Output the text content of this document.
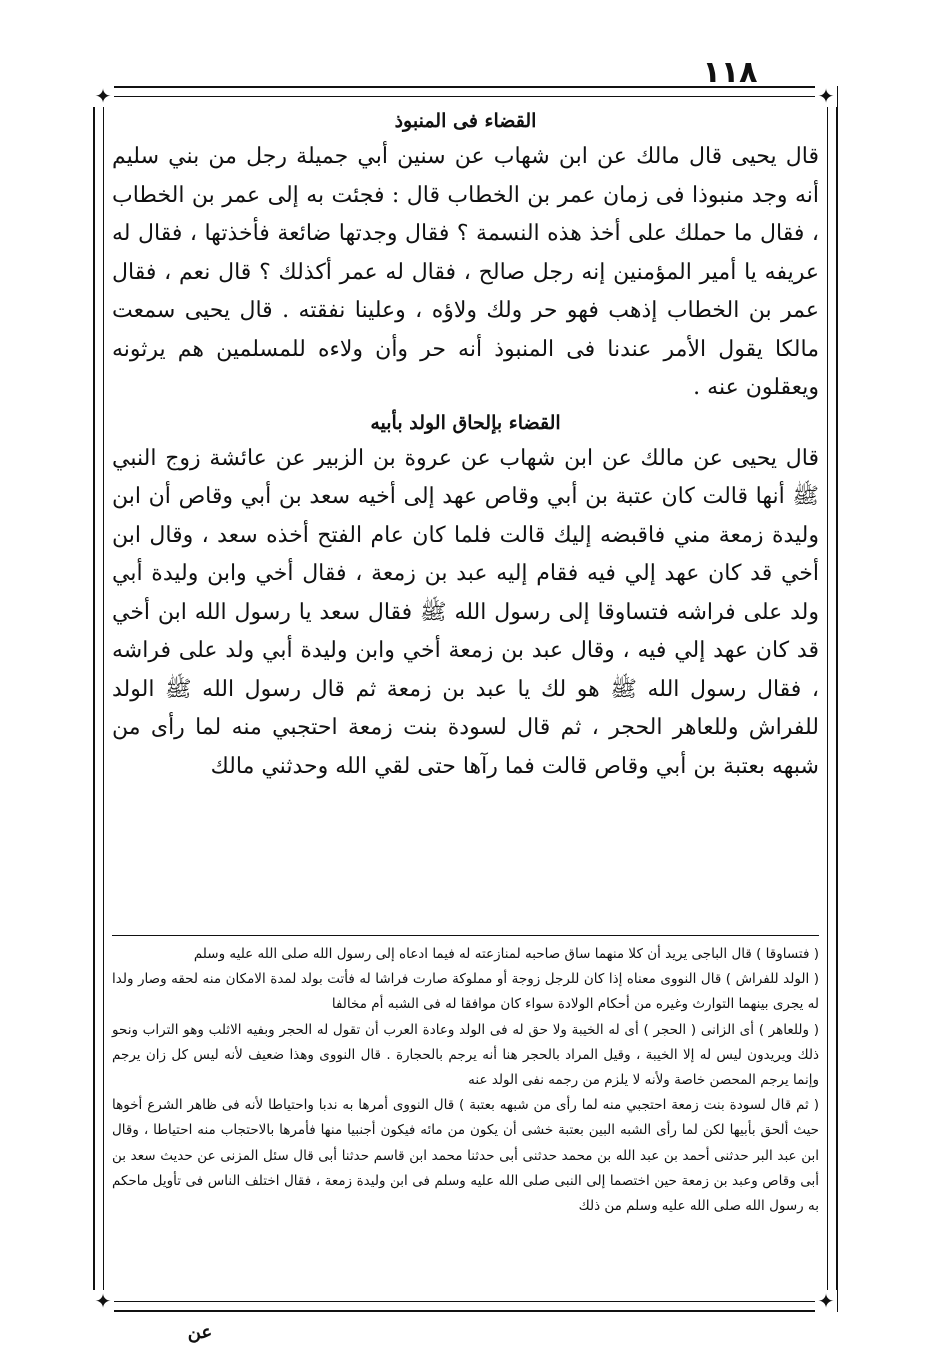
١١٨
✦	✦
✦	✦
القضاء فى المنبوذ

قال يحيى قال مالك عن ابن شهاب عن سنين أبي جميلة رجل من بني سليم أنه وجد منبوذا فى زمان عمر بن الخطاب قال : فجئت به إلى عمر بن الخطاب ، فقال ما حملك على أخذ هذه النسمة ؟ فقال وجدتها ضائعة فأخذتها ، فقال له عريفه يا أمير المؤمنين إنه رجل صالح ، فقال له عمر أكذلك ؟ قال نعم ، فقال عمر بن الخطاب إذهب فهو حر ولك ولاؤه ، وعلينا نفقته . قال يحيى سمعت مالكا يقول الأمر عندنا فى المنبوذ أنه حر وأن ولاءه للمسلمين هم يرثونه ويعقلون عنه .

القضاء بإلحاق الولد بأبيه

قال يحيى عن مالك عن ابن شهاب عن عروة بن الزبير عن عائشة زوج النبي ﷺ أنها قالت كان عتبة بن أبي وقاص عهد إلى أخيه سعد بن أبي وقاص أن ابن وليدة زمعة مني فاقبضه إليك قالت فلما كان عام الفتح أخذه سعد ، وقال ابن أخي قد كان عهد إلي فيه فقام إليه عبد بن زمعة ، فقال أخي وابن وليدة أبي ولد على فراشه فتساوقا إلى رسول الله ﷺ فقال سعد يا رسول الله ابن أخي قد كان عهد إلي فيه ، وقال عبد بن زمعة أخي وابن وليدة أبي ولد على فراشه ، فقال رسول الله ﷺ هو لك يا عبد بن زمعة ثم قال رسول الله ﷺ الولد للفراش وللعاهر الحجر ، ثم قال لسودة بنت زمعة احتجبي منه لما رأى من شبهه بعتبة بن أبي وقاص قالت فما رآها حتى لقي الله وحدثني مالك

( فتساوقا ) قال الباجى يريد أن كلا منهما ساق صاحبه لمنازعته له فيما ادعاه إلى رسول الله صلى الله عليه وسلم

( الولد للفراش ) قال النووى معناه إذا كان للرجل زوجة أو مملوكة صارت فراشا له فأتت بولد لمدة الامكان منه لحقه وصار ولدا له يجرى بينهما التوارث وغيره من أحكام الولادة سواء كان موافقا له فى الشبه أم مخالفا

( وللعاهر ) أى الزانى ( الحجر ) أى له الخيبة ولا حق له فى الولد وعادة العرب أن تقول له الحجر وبفيه الاثلب وهو التراب ونحو ذلك ويريدون ليس له إلا الخيبة ، وقيل المراد بالحجر هنا أنه يرجم بالحجارة . قال النووى وهذا ضعيف لأنه ليس كل زان يرجم وإنما يرجم المحصن خاصة ولأنه لا يلزم من رجمه نفى الولد عنه

( ثم قال لسودة بنت زمعة احتجبي منه لما رأى من شبهه بعتبة ) قال النووى أمرها به ندبا واحتياطا لأنه فى ظاهر الشرع أخوها حيث ألحق بأبيها لكن لما رأى الشبه البين بعتبة خشى أن يكون من مائه فيكون أجنبيا منها فأمرها بالاحتجاب منه احتياطا ، وقال ابن عبد البر حدثنى أحمد بن عبد الله بن محمد حدثنى أبى حدثنا محمد ابن قاسم حدثنا أبى قال سئل المزنى عن حديث سعد بن أبى وقاص وعبد بن زمعة حين اختصما إلى النبى صلى الله عليه وسلم فى ابن وليدة زمعة ، فقال اختلف الناس فى تأويل ماحكم به رسول الله صلى الله عليه وسلم من ذلك

عن
